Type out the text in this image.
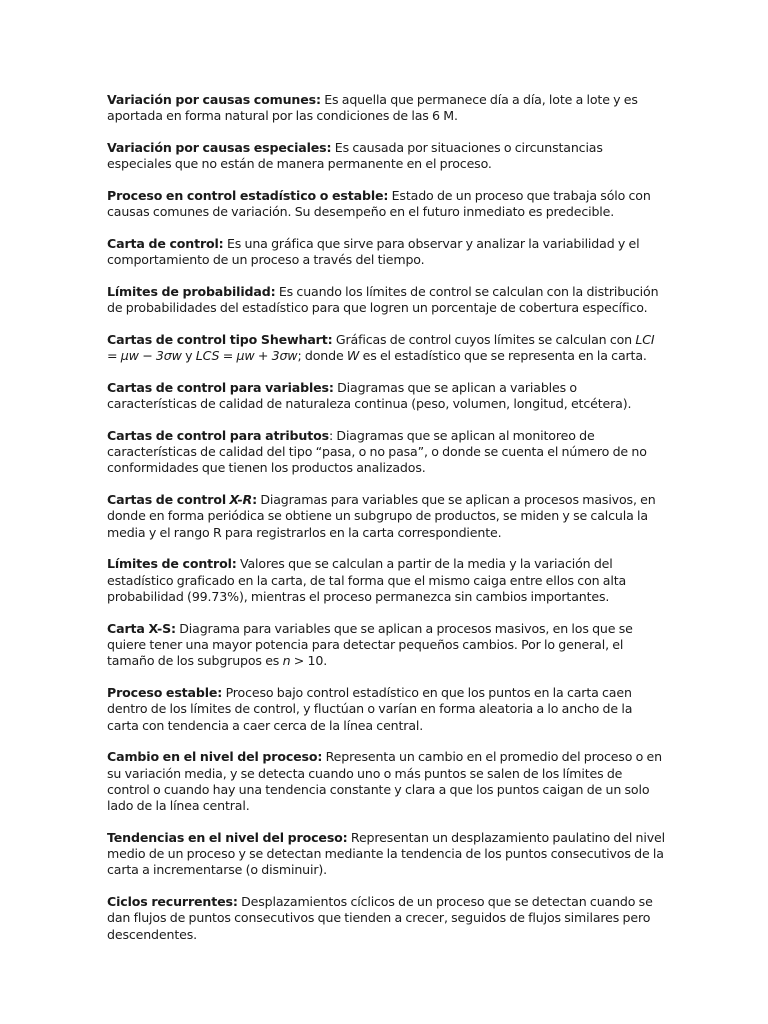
Variación por causas comunes: Es aquella que permanece día a día, lote a lote y es aportada en forma natural por las condiciones de las 6 M.

Variación por causas especiales: Es causada por situaciones o circunstancias especiales que no están de manera permanente en el proceso.

Proceso en control estadístico o estable: Estado de un proceso que trabaja sólo con causas comunes de variación. Su desempeño en el futuro inmediato es predecible.

Carta de control: Es una gráfica que sirve para observar y analizar la variabilidad y el comportamiento de un proceso a través del tiempo.

Límites de probabilidad: Es cuando los límites de control se calculan con la distribución de probabilidades del estadístico para que logren un porcentaje de cobertura específico.

Cartas de control tipo Shewhart: Gráficas de control cuyos límites se calculan con LCI = μw − 3σw y LCS = μw + 3σw; donde W es el estadístico que se representa en la carta.

Cartas de control para variables: Diagramas que se aplican a variables o características de calidad de naturaleza continua (peso, volumen, longitud, etcétera).

Cartas de control para atributos: Diagramas que se aplican al monitoreo de características de calidad del tipo “pasa, o no pasa”, o donde se cuenta el número de no conformidades que tienen los productos analizados.

Cartas de control X-R: Diagramas para variables que se aplican a procesos masivos, en donde en forma periódica se obtiene un subgrupo de productos, se miden y se calcula la media y el rango R para registrarlos en la carta correspondiente.

Límites de control: Valores que se calculan a partir de la media y la variación del estadístico graficado en la carta, de tal forma que el mismo caiga entre ellos con alta probabilidad (99.73%), mientras el proceso permanezca sin cambios importantes.

Carta X-S: Diagrama para variables que se aplican a procesos masivos, en los que se quiere tener una mayor potencia para detectar pequeños cambios. Por lo general, el tamaño de los subgrupos es n > 10.

Proceso estable: Proceso bajo control estadístico en que los puntos en la carta caen dentro de los límites de control, y fluctúan o varían en forma aleatoria a lo ancho de la carta con tendencia a caer cerca de la línea central.

Cambio en el nivel del proceso: Representa un cambio en el promedio del proceso o en su variación media, y se detecta cuando uno o más puntos se salen de los límites de control o cuando hay una tendencia constante y clara a que los puntos caigan de un solo lado de la línea central.

Tendencias en el nivel del proceso: Representan un desplazamiento paulatino del nivel medio de un proceso y se detectan mediante la tendencia de los puntos consecutivos de la carta a incrementarse (o disminuir).

Ciclos recurrentes: Desplazamientos cíclicos de un proceso que se detectan cuando se dan flujos de puntos consecutivos que tienden a crecer, seguidos de flujos similares pero descendentes.
